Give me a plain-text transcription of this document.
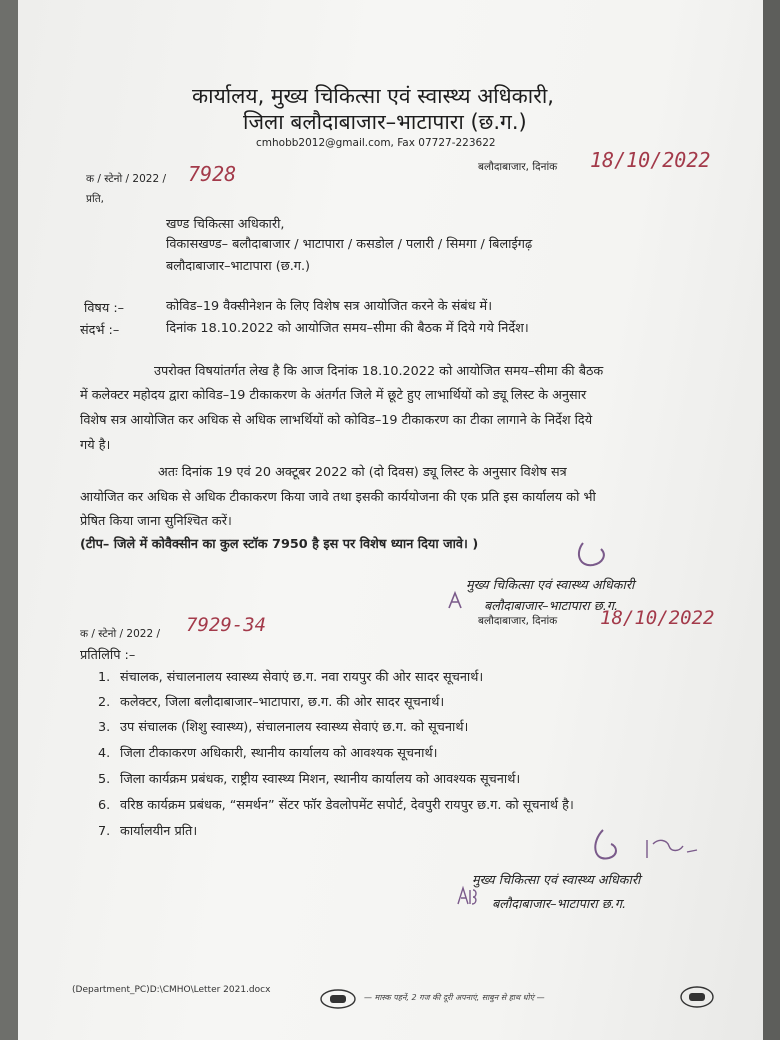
कार्यालय, मुख्य चिकित्सा एवं स्वास्थ्य अधिकारी,
जिला बलौदाबाजार–भाटापारा (छ.ग.)
cmhobb2012@gmail.com, Fax 07727-223622
क / स्टेनो / 2022 / 7928	बलौदाबाजार, दिनांक 18/10/2022
प्रति,
खण्ड चिकित्सा अधिकारी,
विकासखण्ड– बलौदाबाजार / भाटापारा / कसडोल / पलारी / सिमगा / बिलाईगढ़
बलौदाबाजार–भाटापारा (छ.ग.)
विषय :–	कोविड–19 वैक्सीनेशन के लिए विशेष सत्र आयोजित करने के संबंध में।
संदर्भ :–	दिनांक 18.10.2022 को आयोजित समय–सीमा की बैठक में दिये गये निर्देश।
उपरोक्त विषयांतर्गत लेख है कि आज दिनांक 18.10.2022 को आयोजित समय–सीमा की बैठक
में कलेक्टर महोदय द्वारा कोविड–19 टीकाकरण के अंतर्गत जिले में छूटे हुए लाभार्थियों को ड्यू लिस्ट के अनुसार
विशेष सत्र आयोजित कर अधिक से अधिक लाभर्थियों को कोविड–19 टीकाकरण का टीका लागाने के निर्देश दिये
गये है।
अतः दिनांक 19 एवं 20 अक्टूबर 2022 को (दो दिवस) ड्यू लिस्ट के अनुसार विशेष सत्र
आयोजित कर अधिक से अधिक टीकाकरण किया जावे तथा इसकी कार्ययोजना की एक प्रति इस कार्यालय को भी
प्रेषित किया जाना सुनिश्चित करें।
(टीप– जिले में कोवैक्सीन का कुल स्टॉक 7950 है इस पर विशेष ध्यान दिया जावे। )
मुख्य चिकित्सा एवं स्वास्थ्य अधिकारी
बलौदाबाजार–भाटापारा छ.ग.
क / स्टेनो / 2022 / 7929-34	बलौदाबाजार, दिनांक 18/10/2022
प्रतिलिपि :–
1. संचालक, संचालनालय स्वास्थ्य सेवाएं छ.ग. नवा रायपुर की ओर सादर सूचनार्थ।
2. कलेक्टर, जिला बलौदाबाजार–भाटापारा, छ.ग. की ओर सादर सूचनार्थ।
3. उप संचालक (शिशु स्वास्थ्य), संचालनालय स्वास्थ्य सेवाएं छ.ग. को सूचनार्थ।
4. जिला टीकाकरण अधिकारी, स्थानीय कार्यालय को आवश्यक सूचनार्थ।
5. जिला कार्यक्रम प्रबंधक, राष्ट्रीय स्वास्थ्य मिशन, स्थानीय कार्यालय को आवश्यक सूचनार्थ।
6. वरिष्ठ कार्यक्रम प्रबंधक, “समर्थन” सेंटर फॉर डेवलोपमेंट सपोर्ट, देवपुरी रायपुर छ.ग. को सूचनार्थ है।
7. कार्यालयीन प्रति।
मुख्य चिकित्सा एवं स्वास्थ्य अधिकारी
बलौदाबाजार–भाटापारा छ.ग.
(Department_PC)D:\CMHO\Letter 2021.docx
— मास्क पहनें, 2 गज की दूरी अपनाएं, साबुन से हाथ धोएं —
